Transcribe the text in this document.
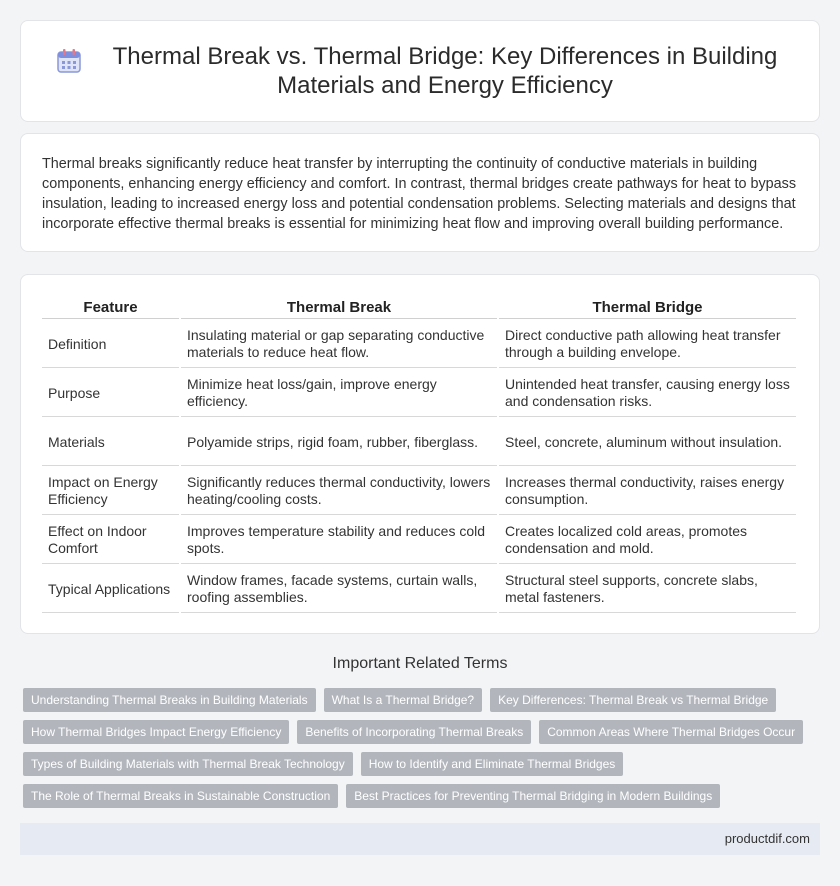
Thermal Break vs. Thermal Bridge: Key Differences in Building Materials and Energy Efficiency

Thermal breaks significantly reduce heat transfer by interrupting the continuity of conductive materials in building components, enhancing energy efficiency and comfort. In contrast, thermal bridges create pathways for heat to bypass insulation, leading to increased energy loss and potential condensation problems. Selecting materials and designs that incorporate effective thermal breaks is essential for minimizing heat flow and improving overall building performance.

Feature	Thermal Break	Thermal Bridge
Definition	Insulating material or gap separating conductive materials to reduce heat flow.	Direct conductive path allowing heat transfer through a building envelope.
Purpose	Minimize heat loss/gain, improve energy efficiency.	Unintended heat transfer, causing energy loss and condensation risks.
Materials	Polyamide strips, rigid foam, rubber, fiberglass.	Steel, concrete, aluminum without insulation.
Impact on Energy Efficiency	Significantly reduces thermal conductivity, lowers heating/cooling costs.	Increases thermal conductivity, raises energy consumption.
Effect on Indoor Comfort	Improves temperature stability and reduces cold spots.	Creates localized cold areas, promotes condensation and mold.
Typical Applications	Window frames, facade systems, curtain walls, roofing assemblies.	Structural steel supports, concrete slabs, metal fasteners.
Important Related Terms
Understanding Thermal Breaks in Building Materials	What Is a Thermal Bridge?	Key Differences: Thermal Break vs Thermal Bridge
How Thermal Bridges Impact Energy Efficiency	Benefits of Incorporating Thermal Breaks	Common Areas Where Thermal Bridges Occur
Types of Building Materials with Thermal Break Technology	How to Identify and Eliminate Thermal Bridges
The Role of Thermal Breaks in Sustainable Construction	Best Practices for Preventing Thermal Bridging in Modern Buildings
productdif.com
